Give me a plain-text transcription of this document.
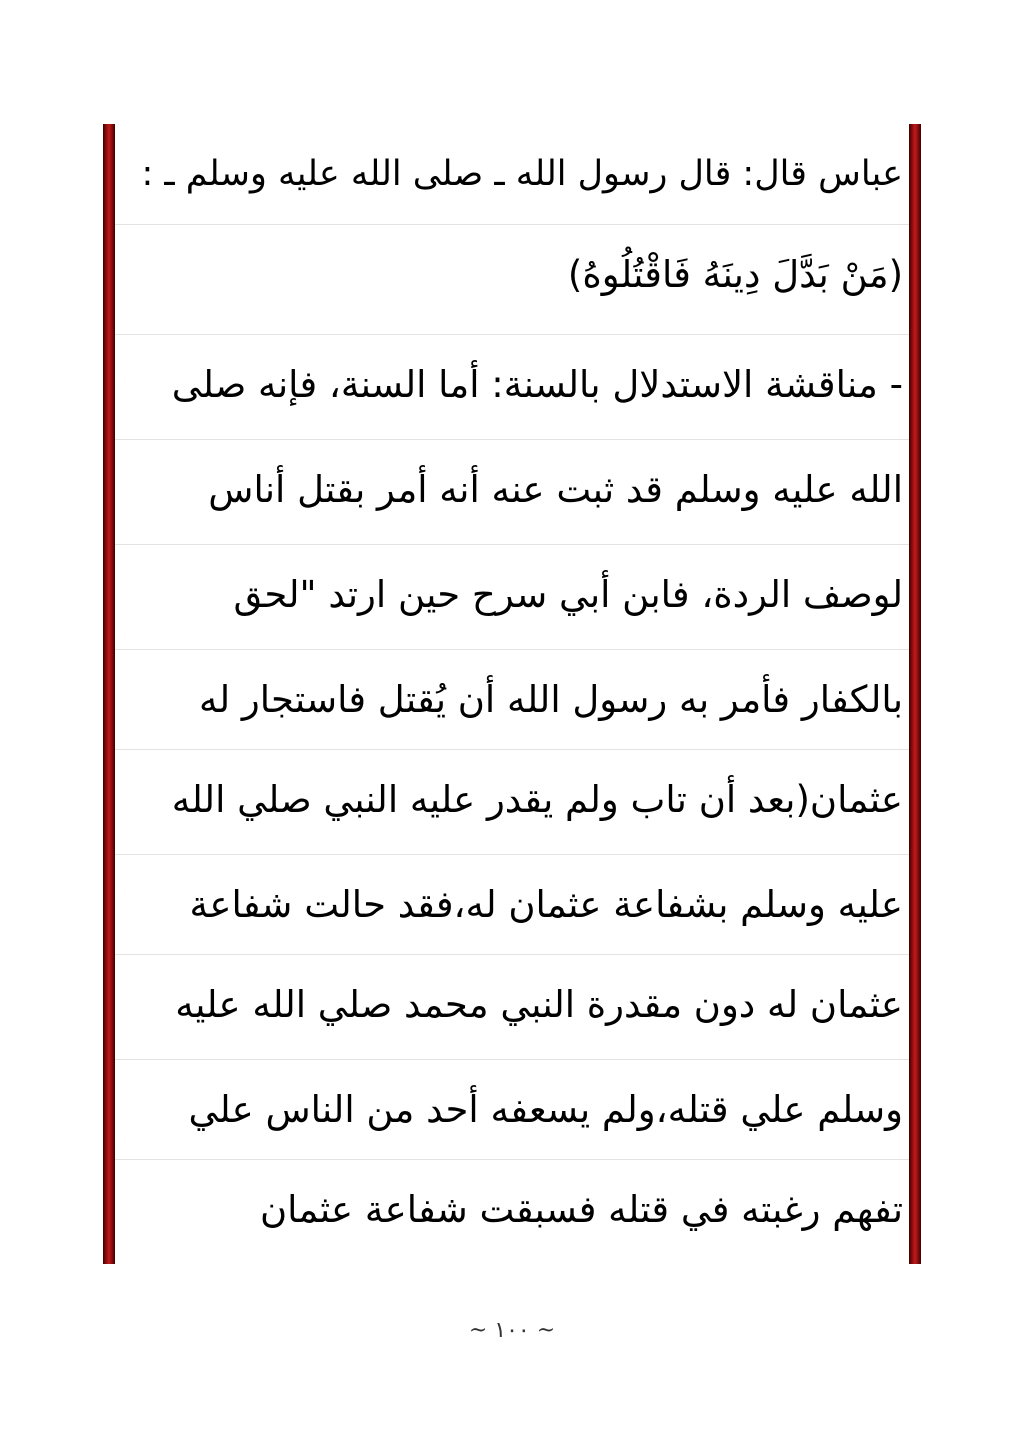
عباس قال: قال رسول الله ـ صلى الله عليه وسلم ـ :
(مَنْ بَدَّلَ دِينَهُ فَاقْتُلُوهُ)
- مناقشة الاستدلال بالسنة: أما السنة، فإنه صلى
الله عليه وسلم قد ثبت عنه أنه أمر بقتل أناس
لوصف الردة، فابن أبي سرح حين ارتد "لحق
بالكفار فأمر به رسول الله أن يُقتل فاستجار له
عثمان(بعد أن تاب ولم يقدر عليه النبي صلي الله
عليه وسلم بشفاعة عثمان له،فقد حالت شفاعة
عثمان له دون مقدرة النبي محمد صلي الله عليه
وسلم علي قتله،ولم يسعفه أحد من الناس علي
تفهم رغبته في قتله فسبقت شفاعة عثمان
~ ١٠٠ ~
